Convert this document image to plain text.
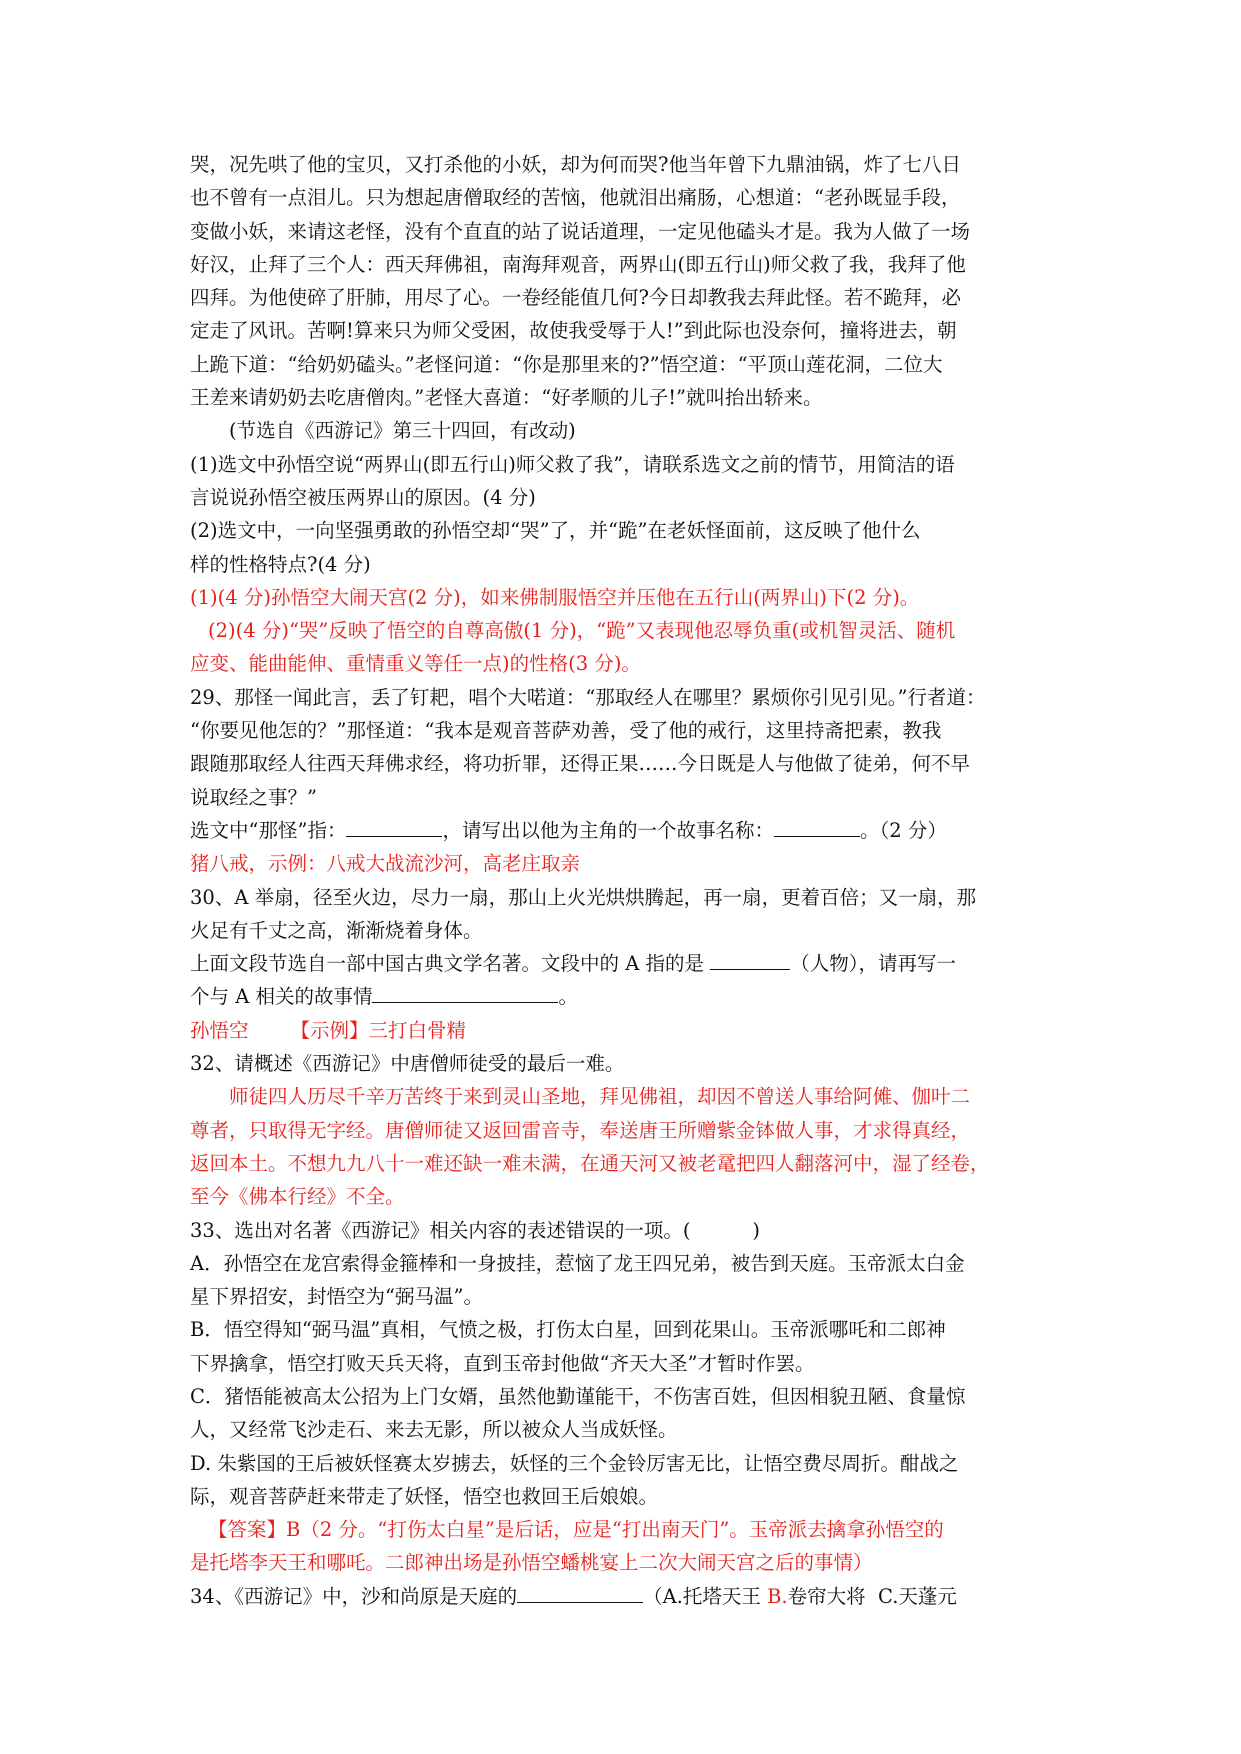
哭，况先哄了他的宝贝，又打杀他的小妖，却为何而哭?他当年曾下九鼎油锅，炸了七八日

也不曾有一点泪儿。只为想起唐僧取经的苦恼，他就泪出痛肠，心想道：“老孙既显手段，

变做小妖，来请这老怪，没有个直直的站了说话道理，一定见他磕头才是。我为人做了一场

好汉，止拜了三个人：西天拜佛祖，南海拜观音，两界山(即五行山)师父救了我，我拜了他

四拜。为他使碎了肝肺，用尽了心。一卷经能值几何?今日却教我去拜此怪。若不跪拜，必

定走了风讯。苦啊!算来只为师父受困，故使我受辱于人!”到此际也没奈何，撞将进去，朝

上跪下道：“给奶奶磕头。”老怪问道：“你是那里来的?”悟空道：“平顶山莲花洞，二位大

王差来请奶奶去吃唐僧肉。”老怪大喜道：“好孝顺的儿子!”就叫抬出轿来。

(节选自《西游记》第三十四回，有改动)

(1)选文中孙悟空说“两界山(即五行山)师父救了我”，请联系选文之前的情节，用简洁的语

言说说孙悟空被压两界山的原因。(4 分)

(2)选文中，一向坚强勇敢的孙悟空却“哭”了，并“跪”在老妖怪面前，这反映了他什么

样的性格特点?(4 分)

(1)(4 分)孙悟空大闹天宫(2 分)，如来佛制服悟空并压他在五行山(两界山)下(2 分)。

(2)(4 分)“哭”反映了悟空的自尊高傲(1 分)，“跪”又表现他忍辱负重(或机智灵活、随机

应变、能曲能伸、重情重义等任一点)的性格(3 分)。

29、那怪一闻此言，丢了钉耙，唱个大喏道：“那取经人在哪里？累烦你引见引见。”行者道：

“你要见他怎的？”那怪道：“我本是观音菩萨劝善，受了他的戒行，这里持斋把素，教我

跟随那取经人往西天拜佛求经，将功折罪，还得正果……今日既是人与他做了徒弟，何不早

说取经之事？”

选文中“那怪”指：	，请写出以他为主角的一个故事名称：	。（2 分）

猪八戒，示例：八戒大战流沙河，高老庄取亲

30、A 举扇，径至火边，尽力一扇，那山上火光烘烘腾起，再一扇，更着百倍；又一扇，那

火足有千丈之高，渐渐烧着身体。

上面文段节选自一部中国古典文学名著。文段中的 A 指的是	（人物），请再写一

个与 A 相关的故事情	。

孙悟空 【示例】三打白骨精

32、请概述《西游记》中唐僧师徒受的最后一难。

师徒四人历尽千辛万苦终于来到灵山圣地，拜见佛祖，却因不曾送人事给阿傩、伽叶二

尊者，只取得无字经。唐僧师徒又返回雷音寺，奉送唐王所赠紫金钵做人事，才求得真经，

返回本土。不想九九八十一难还缺一难未满，在通天河又被老鼋把四人翻落河中，湿了经卷，

至今《佛本行经》不全。

33、选出对名著《西游记》相关内容的表述错误的一项。(          )

A．孙悟空在龙宫索得金箍棒和一身披挂，惹恼了龙王四兄弟，被告到天庭。玉帝派太白金

星下界招安，封悟空为“弼马温”。

B．悟空得知“弼马温”真相，气愤之极，打伤太白星，回到花果山。玉帝派哪吒和二郎神

下界擒拿，悟空打败天兵天将，直到玉帝封他做“齐天大圣”才暂时作罢。

C．猪悟能被高太公招为上门女婿，虽然他勤谨能干，不伤害百姓，但因相貌丑陋、食量惊

人，又经常飞沙走石、来去无影，所以被众人当成妖怪。

D. 朱紫国的王后被妖怪赛太岁掳去，妖怪的三个金铃厉害无比，让悟空费尽周折。酣战之

际，观音菩萨赶来带走了妖怪，悟空也救回王后娘娘。

【答案】B（2 分。“打伤太白星”是后话，应是“打出南天门”。玉帝派去擒拿孙悟空的

是托塔李天王和哪吒。二郎神出场是孙悟空蟠桃宴上二次大闹天宫之后的事情）

34、《西游记》中，沙和尚原是天庭的	（A.托塔天王 B.卷帘大将  C.天蓬元
